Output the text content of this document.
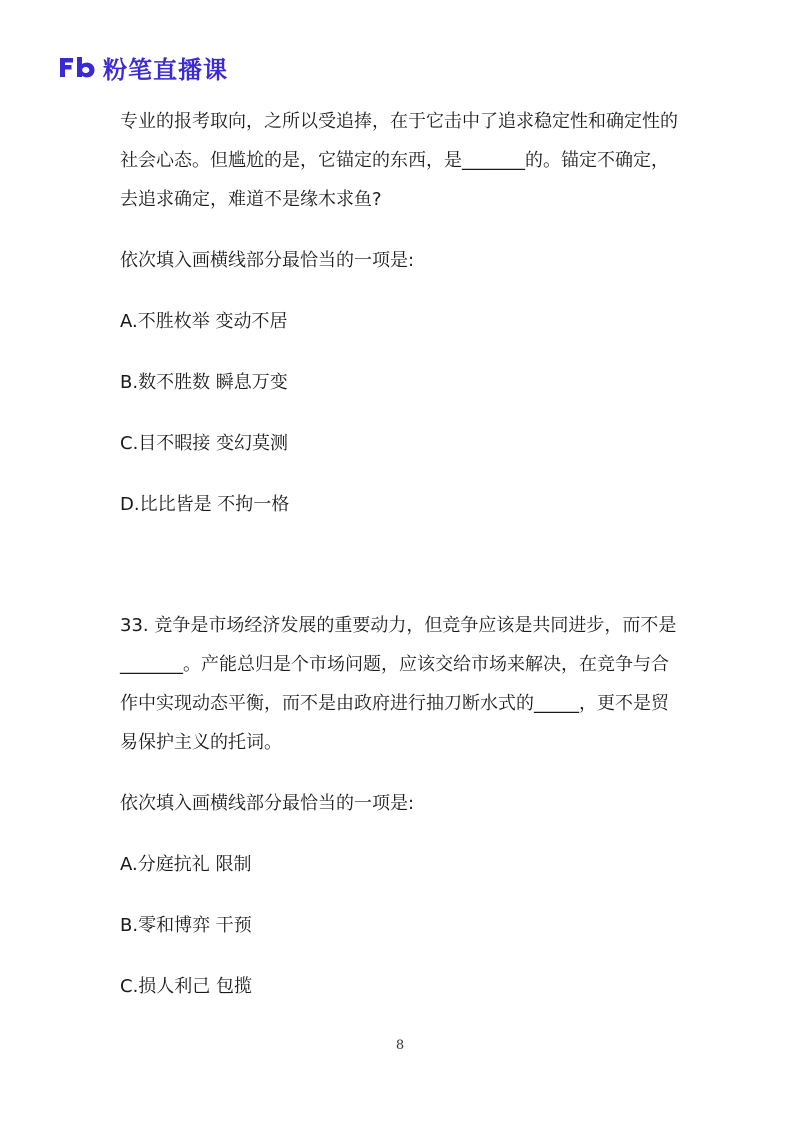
粉笔直播课

专业的报考取向，之所以受追捧，在于它击中了追求稳定性和确定性的社会心态。但尴尬的是，它锚定的东西，是_______的。锚定不确定，去追求确定，难道不是缘木求鱼?

依次填入画横线部分最恰当的一项是:

A.不胜枚举 变动不居

B.数不胜数 瞬息万变

C.目不暇接 变幻莫测

D.比比皆是 不拘一格

33. 竞争是市场经济发展的重要动力，但竞争应该是共同进步，而不是_______。产能总归是个市场问题，应该交给市场来解决，在竞争与合作中实现动态平衡，而不是由政府进行抽刀断水式的_____，更不是贸易保护主义的托词。

依次填入画横线部分最恰当的一项是:

A.分庭抗礼 限制

B.零和博弈 干预

C.损人利己 包揽

8
